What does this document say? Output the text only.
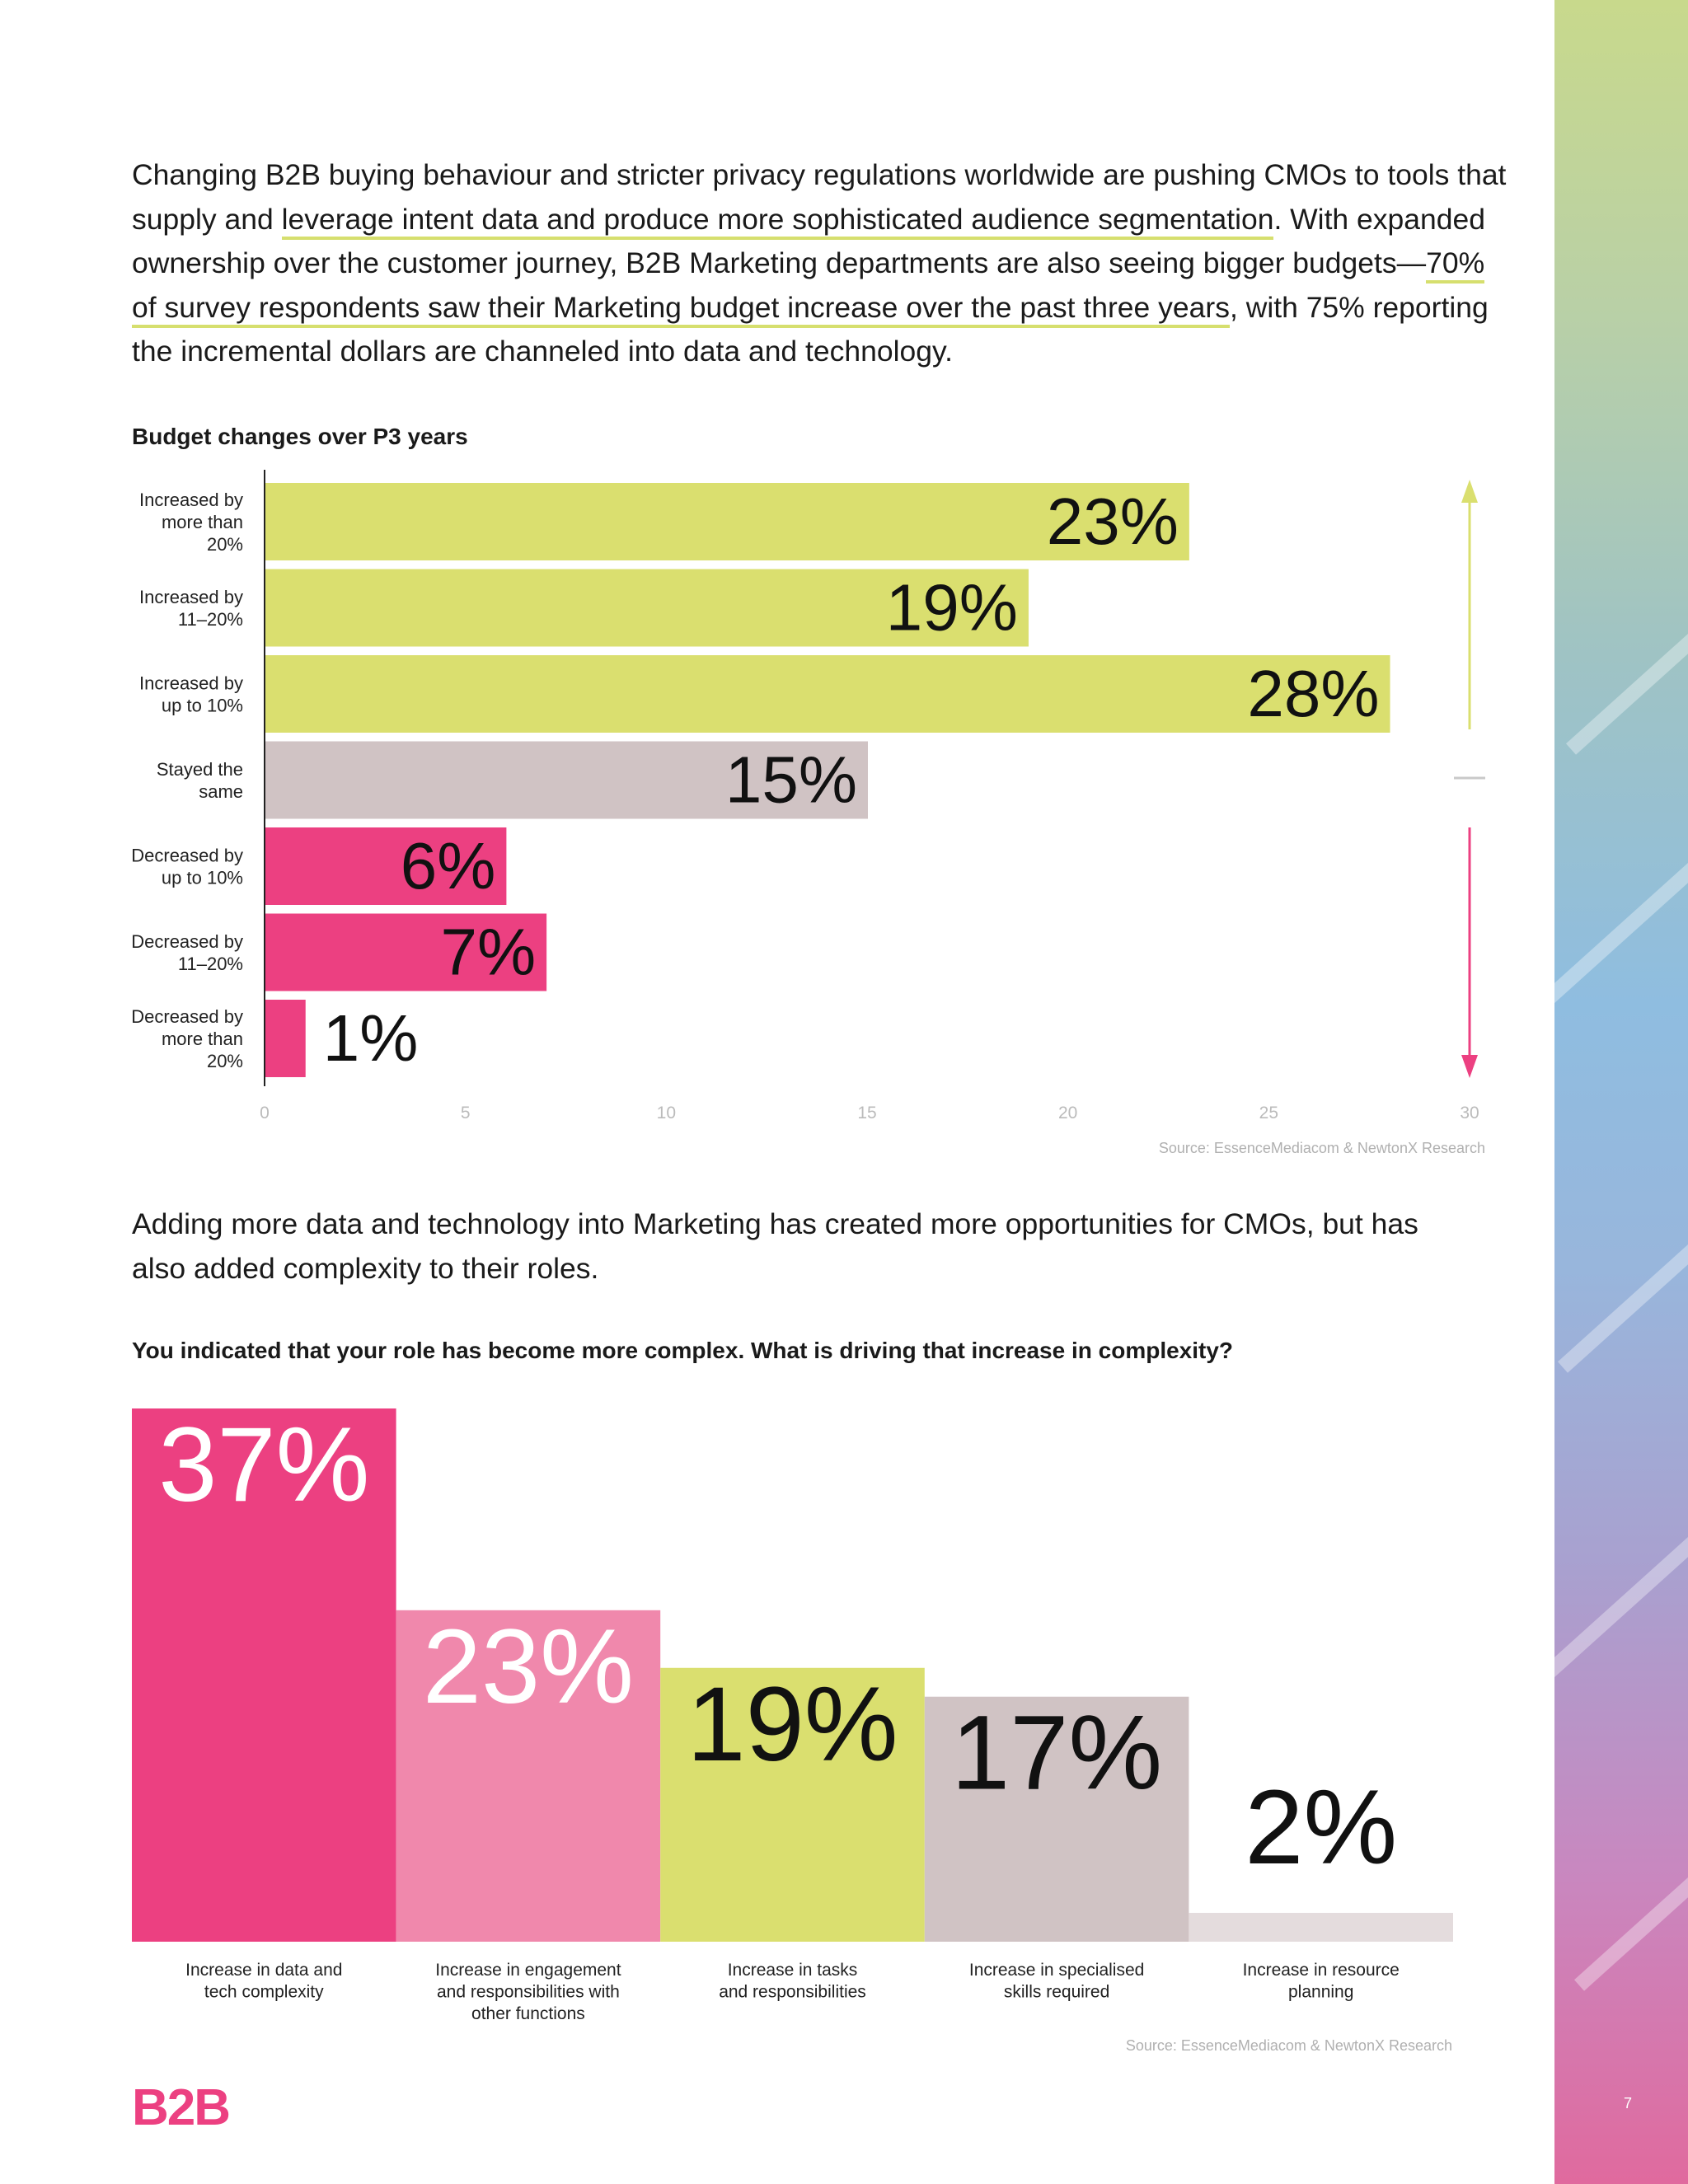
Changing B2B buying behaviour and stricter privacy regulations worldwide are pushing CMOs to tools that supply and leverage intent data and produce more sophisticated audience segmentation. With expanded ownership over the customer journey, B2B Marketing departments are also seeing bigger budgets—70% of survey respondents saw their Marketing budget increase over the past three years, with 75% reporting the incremental dollars are channeled into data and technology.

Budget changes over P3 years

23%
Increased by
more than
20%
19%
Increased by
11–20%
28%
Increased by
up to 10%
15%
Stayed the
same
6%
Decreased by
up to 10%
7%
Decreased by
11–20%
1%
Decreased by
more than
20%
0	5	10	15	20	25	30
Source: EssenceMediacom & NewtonX Research

Adding more data and technology into Marketing has created more opportunities for CMOs, but has also added complexity to their roles.

You indicated that your role has become more complex. What is driving that increase in complexity?

37%
Increase in data and
tech complexity
23%
Increase in engagement
and responsibilities with
other functions
19%
Increase in tasks
and responsibilities
17%
Increase in specialised
skills required
2%
Increase in resource
planning
Source: EssenceMediacom & NewtonX Research
B2B	7
